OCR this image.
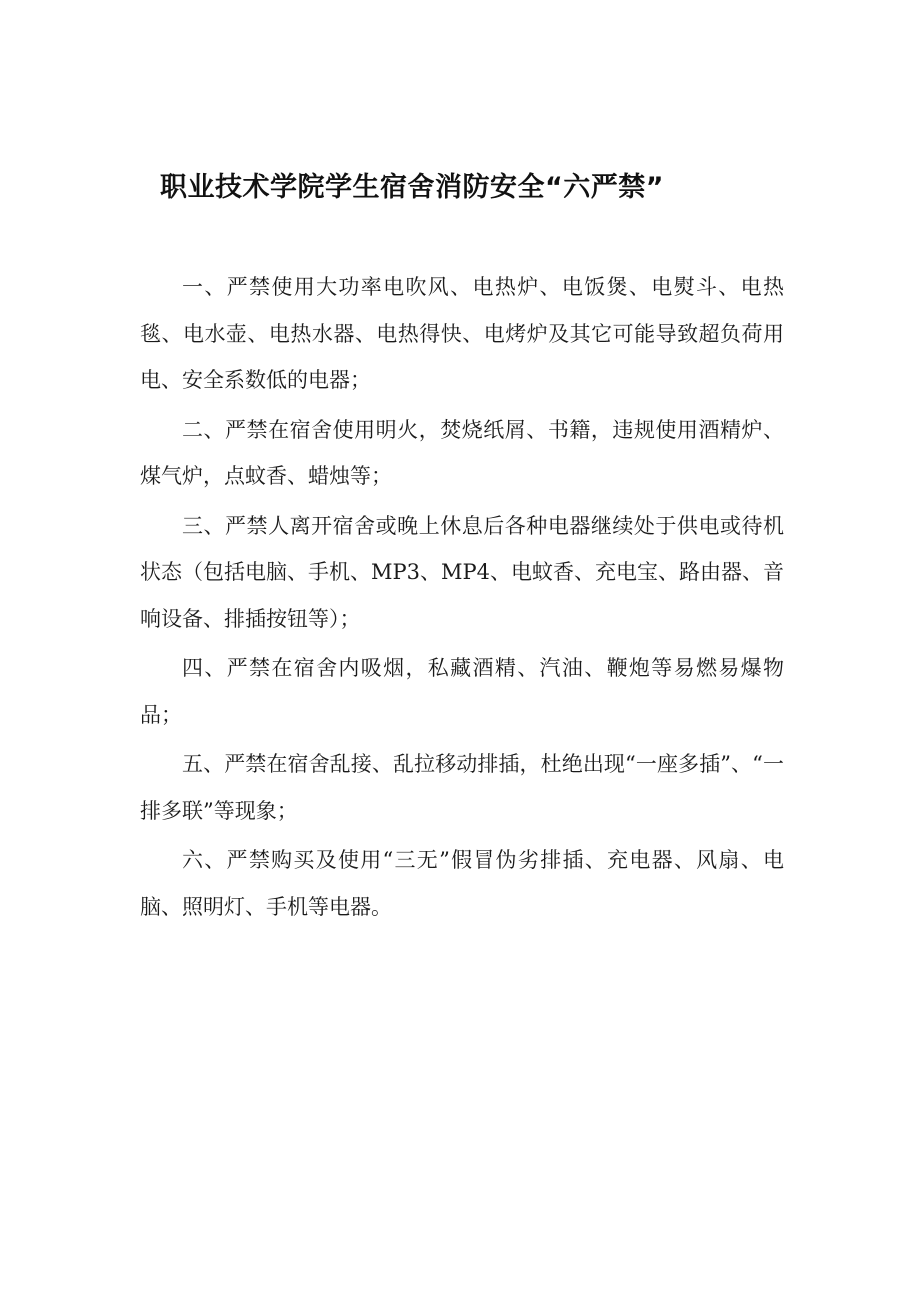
职业技术学院学生宿舍消防安全“六严禁”

一、严禁使用大功率电吹风、电热炉、电饭煲、电熨斗、电热毯、电水壶、电热水器、电热得快、电烤炉及其它可能导致超负荷用电、安全系数低的电器；

二、严禁在宿舍使用明火，焚烧纸屑、书籍，违规使用酒精炉、煤气炉，点蚊香、蜡烛等；

三、严禁人离开宿舍或晚上休息后各种电器继续处于供电或待机状态（包括电脑、手机、MP3、MP4、电蚊香、充电宝、路由器、音响设备、排插按钮等）；

四、严禁在宿舍内吸烟，私藏酒精、汽油、鞭炮等易燃易爆物品；

五、严禁在宿舍乱接、乱拉移动排插，杜绝出现“一座多插”、“一排多联”等现象；

六、严禁购买及使用“三无”假冒伪劣排插、充电器、风扇、电脑、照明灯、手机等电器。
